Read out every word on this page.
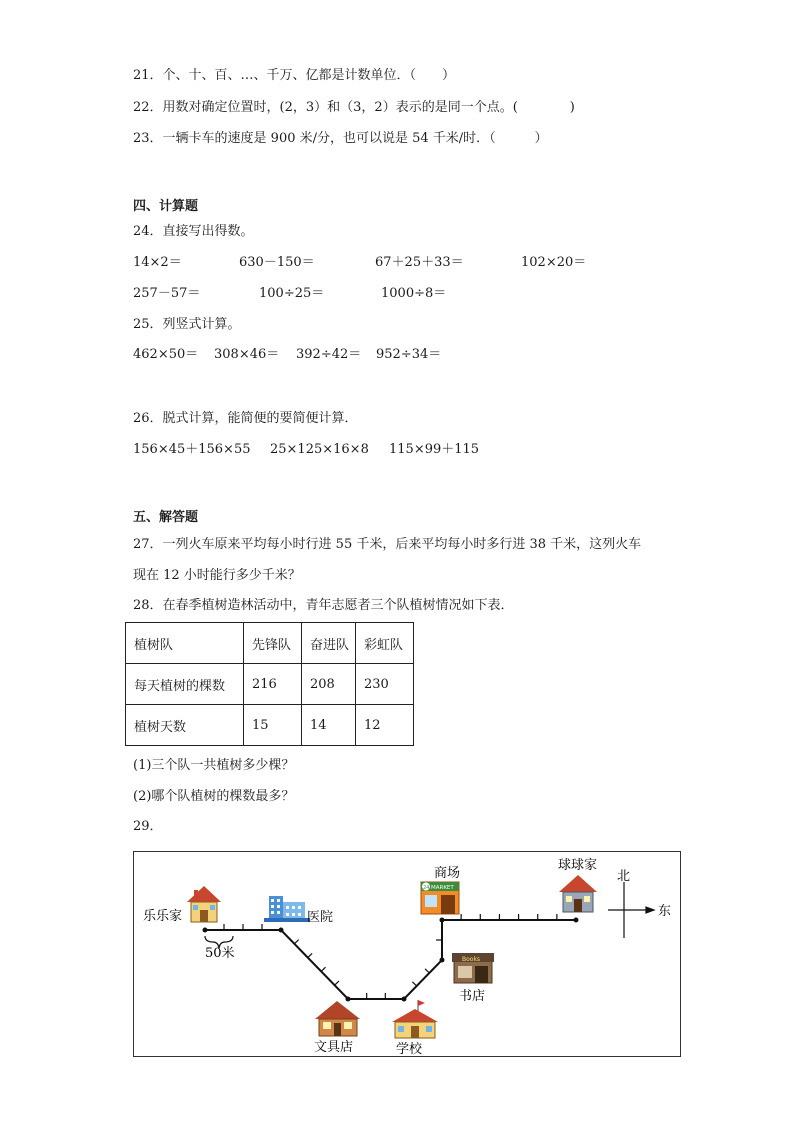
21．个、十、百、…、千万、亿都是计数单位．（　　）
22．用数对确定位置时，(2，3）和（3，2）表示的是同一个点。(　　　　)
23．一辆卡车的速度是 900 米/分，也可以说是 54 千米/时．（　　　）
四、计算题
24．直接写出得数。
14×2＝	630－150＝	67＋25＋33＝	102×20＝
257－57＝	100÷25＝	1000÷8＝
25．列竖式计算。
462×50＝ 308×46＝ 392÷42＝ 952÷34＝
26．脱式计算，能简便的要简便计算．
156×45＋156×55 25×125×16×8 115×99＋115
五、解答题
27．一列火车原来平均每小时行进 55 千米，后来平均每小时多行进 38 千米，这列火车
现在 12 小时能行多少千米？
28．在春季植树造林活动中，青年志愿者三个队植树情况如下表．
植树队	先锋队	奋进队	彩虹队
每天植树的棵数	216	208	230
植树天数	15	14	12
(1)三个队一共植树多少棵？
(2)哪个队植树的棵数最多？
29．
50米
乐乐家	医院
商场
24 MARKET
球球家
北
东
Books
书店
文具店	学校
